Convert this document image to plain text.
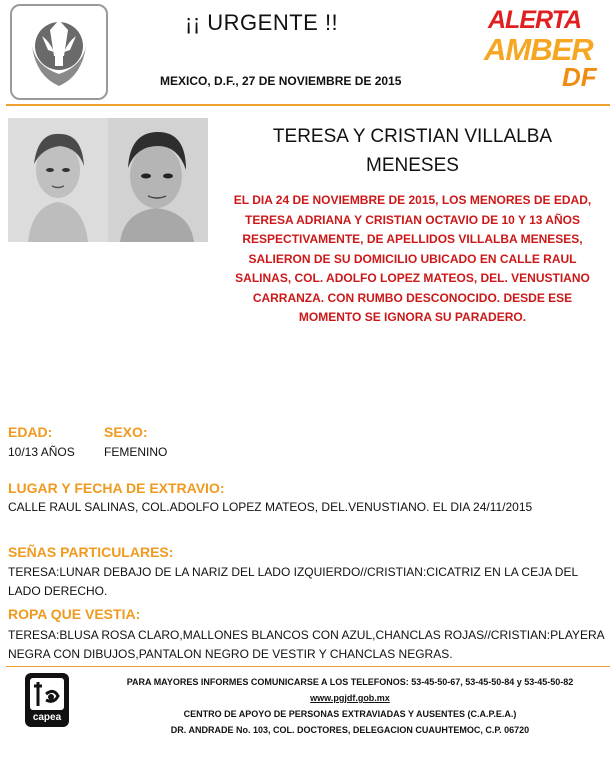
¡¡ URGENTE !!
MEXICO, D.F., 27 DE NOVIEMBRE DE 2015
ALERTA
AMBER
DF
TERESA Y CRISTIAN VILLALBA
MENESES
EL DIA 24 DE NOVIEMBRE DE 2015, LOS MENORES DE EDAD,
TERESA ADRIANA Y CRISTIAN OCTAVIO DE 10 Y 13 AÑOS
RESPECTIVAMENTE, DE APELLIDOS VILLALBA MENESES,
SALIERON DE SU DOMICILIO UBICADO EN CALLE RAUL
SALINAS, COL. ADOLFO LOPEZ MATEOS, DEL. VENUSTIANO
CARRANZA. CON RUMBO DESCONOCIDO. DESDE ESE
MOMENTO SE IGNORA SU PARADERO.
EDAD:
10/13 AÑOS
SEXO:
FEMENINO
LUGAR Y FECHA DE EXTRAVIO:
CALLE RAUL SALINAS, COL.ADOLFO LOPEZ MATEOS, DEL.VENUSTIANO. EL DIA 24/11/2015
SEÑAS PARTICULARES:
TERESA:LUNAR DEBAJO DE LA NARIZ DEL LADO IZQUIERDO//CRISTIAN:CICATRIZ EN LA CEJA DEL
LADO DERECHO.
ROPA QUE VESTIA:
TERESA:BLUSA ROSA CLARO,MALLONES BLANCOS CON AZUL,CHANCLAS ROJAS//CRISTIAN:PLAYERA
NEGRA CON DIBUJOS,PANTALON NEGRO DE VESTIR Y CHANCLAS NEGRAS.
capea
PARA MAYORES INFORMES COMUNICARSE A LOS TELEFONOS: 53-45-50-67, 53-45-50-84 y 53-45-50-82
www.pgjdf.gob.mx
CENTRO DE APOYO DE PERSONAS EXTRAVIADAS Y AUSENTES (C.A.P.E.A.)
DR. ANDRADE No. 103, COL. DOCTORES, DELEGACION CUAUHTEMOC, C.P. 06720
